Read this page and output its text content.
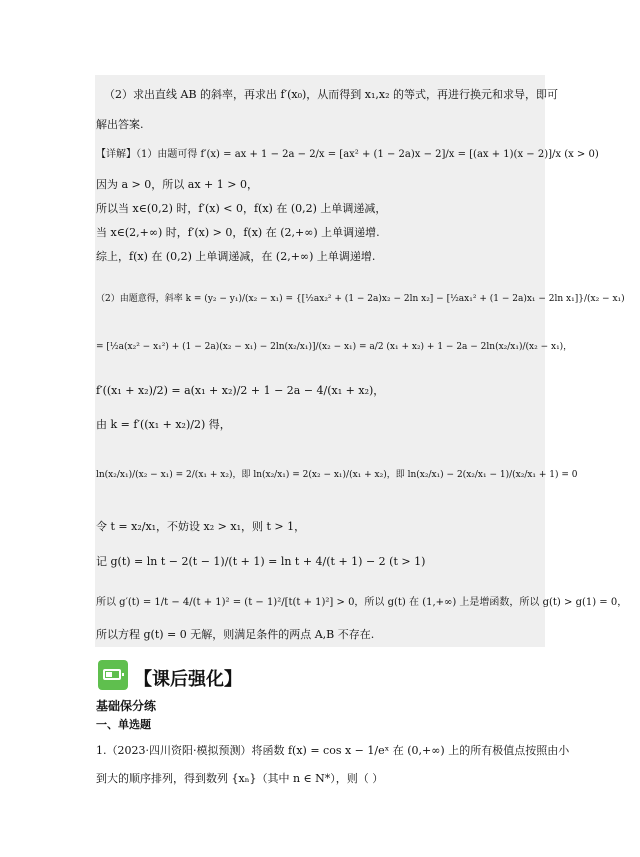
（2）求出直线 AB 的斜率，再求出 f′(x₀)，从而得到 x₁,x₂ 的等式，再进行换元和求导，即可
解出答案.
【详解】（1）由题可得 f′(x) = ax + 1 − 2a − 2/x = [ax² + (1 − 2a)x − 2]/x = [(ax + 1)(x − 2)]/x (x > 0)
因为 a > 0，所以 ax + 1 > 0，
所以当 x∈(0,2) 时，f′(x) < 0，f(x) 在 (0,2) 上单调递减，
当 x∈(2,+∞) 时，f′(x) > 0，f(x) 在 (2,+∞) 上单调递增.
综上，f(x) 在 (0,2) 上单调递减，在 (2,+∞) 上单调递增.
（2）由题意得，斜率 k = (y₂ − y₁)/(x₂ − x₁) = {[½ax₂² + (1 − 2a)x₂ − 2ln x₂] − [½ax₁² + (1 − 2a)x₁ − 2ln x₁]}/(x₂ − x₁)
= [½a(x₂² − x₁²) + (1 − 2a)(x₂ − x₁) − 2ln(x₂/x₁)]/(x₂ − x₁) = a/2 (x₁ + x₂) + 1 − 2a − 2ln(x₂/x₁)/(x₂ − x₁)，
f′((x₁ + x₂)/2) = a(x₁ + x₂)/2 + 1 − 2a − 4/(x₁ + x₂)，
由 k = f′((x₁ + x₂)/2) 得，
ln(x₂/x₁)/(x₂ − x₁) = 2/(x₁ + x₂)，即 ln(x₂/x₁) = 2(x₂ − x₁)/(x₁ + x₂)，即 ln(x₂/x₁) − 2(x₂/x₁ − 1)/(x₂/x₁ + 1) = 0
令 t = x₂/x₁，不妨设 x₂ > x₁，则 t > 1，
记 g(t) = ln t − 2(t − 1)/(t + 1) = ln t + 4/(t + 1) − 2 (t > 1)
所以 g′(t) = 1/t − 4/(t + 1)² = (t − 1)²/[t(t + 1)²] > 0，所以 g(t) 在 (1,+∞) 上是增函数，所以 g(t) > g(1) = 0，
所以方程 g(t) = 0 无解，则满足条件的两点 A,B 不存在.
【课后强化】
基础保分练
一、单选题
1.（2023·四川资阳·模拟预测）将函数 f(x) = cos x − 1/eˣ 在 (0,+∞) 上的所有极值点按照由小
到大的顺序排列，得到数列 {xₙ}（其中 n ∈ N*），则（ ）
